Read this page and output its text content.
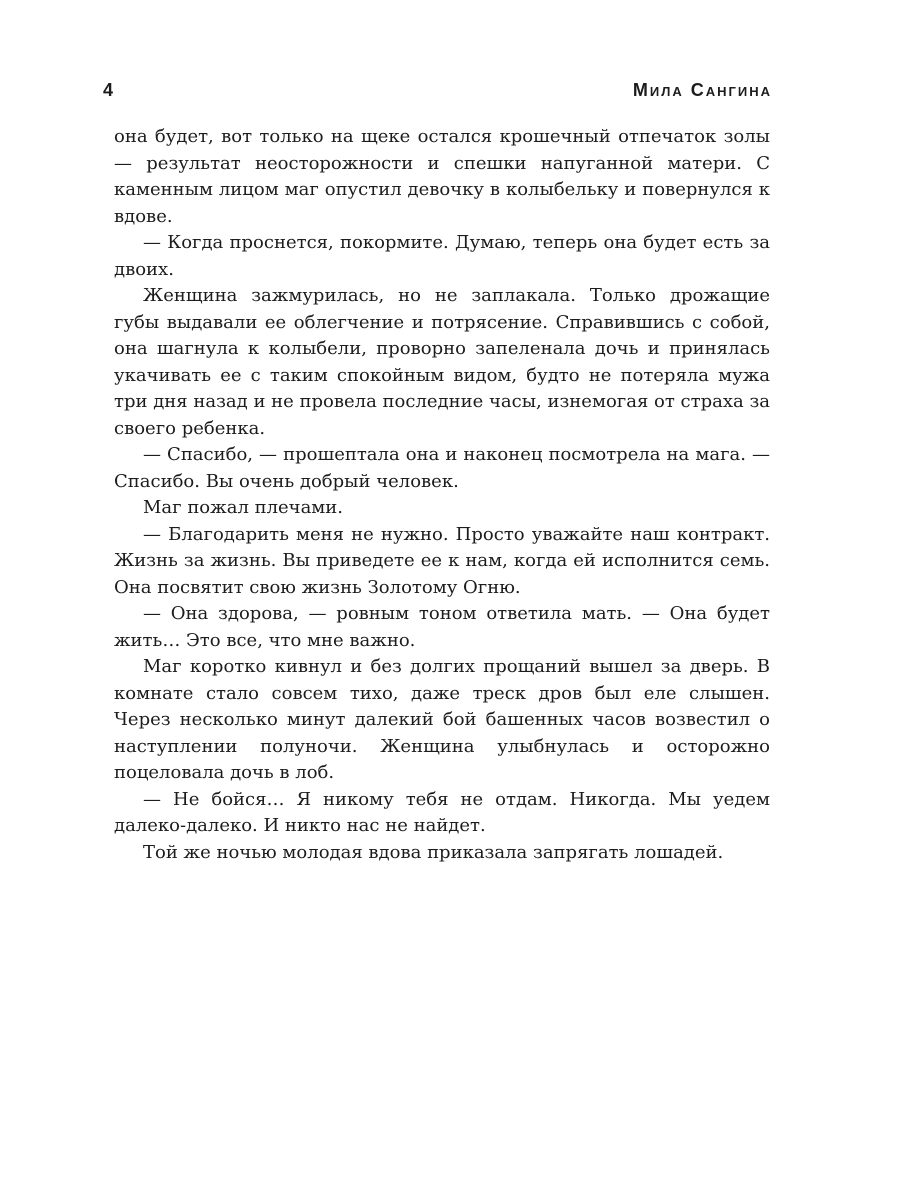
4	Мила Сангина

она будет, вот только на щеке остался крошечный отпечаток золы — результат неосторожности и спешки напуганной матери. С каменным лицом маг опустил девочку в колыбельку и повернулся к вдове.

— Когда проснется, покормите. Думаю, теперь она будет есть за двоих.

Женщина зажмурилась, но не заплакала. Только дрожащие губы выдавали ее облегчение и потрясение. Справившись с собой, она шагнула к колыбели, проворно запеленала дочь и принялась укачивать ее с таким спокойным видом, будто не потеряла мужа три дня назад и не провела последние часы, изнемогая от страха за своего ребенка.

— Спасибо, — прошептала она и наконец посмотрела на мага. — Спасибо. Вы очень добрый человек.

Маг пожал плечами.

— Благодарить меня не нужно. Просто уважайте наш контракт. Жизнь за жизнь. Вы приведете ее к нам, когда ей исполнится семь. Она посвятит свою жизнь Золотому Огню.

— Она здорова, — ровным тоном ответила мать. — Она будет жить… Это все, что мне важно.

Маг коротко кивнул и без долгих прощаний вышел за дверь. В комнате стало совсем тихо, даже треск дров был еле слышен. Через несколько минут далекий бой башенных часов возвестил о наступлении полуночи. Женщина улыбнулась и осторожно поцеловала дочь в лоб.

— Не бойся… Я никому тебя не отдам. Никогда. Мы уедем далеко-далеко. И никто нас не найдет.

Той же ночью молодая вдова приказала запрягать лошадей.
